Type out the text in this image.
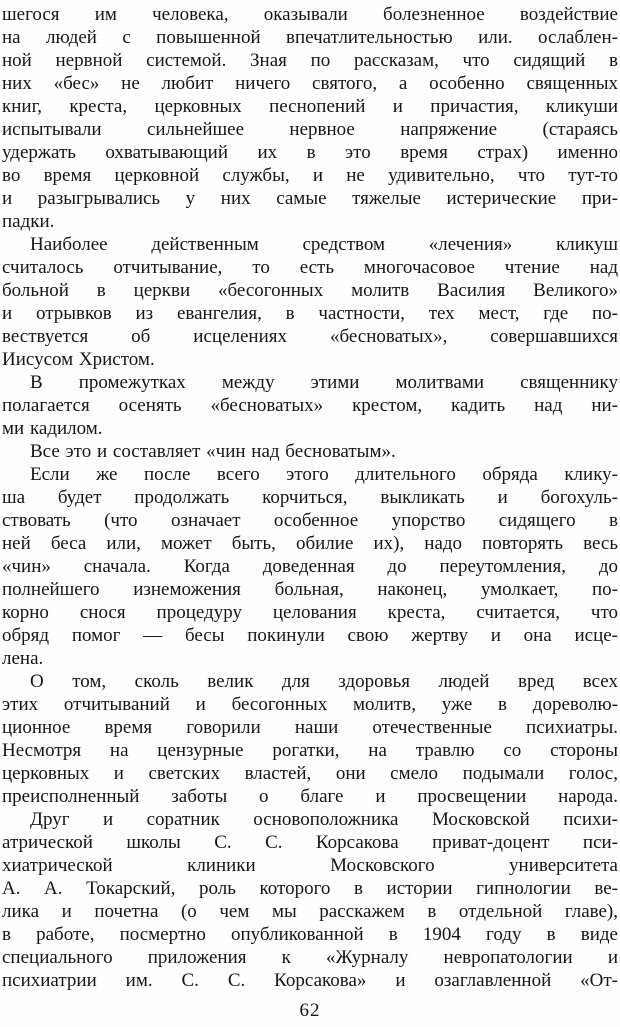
шегося им человека, оказывали болезненное воздействие
на людей с повышенной впечатлительностью или. ослаблен-
ной нервной системой. Зная по рассказам, что сидящий в
них «бес» не любит ничего святого, а особенно священных
книг, креста, церковных песнопений и причастия, кликуши
испытывали сильнейшее нервное напряжение (стараясь
удержать охватывающий их в это время страх) именно
во время церковной службы, и не удивительно, что тут-то
и разыгрывались у них самые тяжелые истерические при-
падки.
Наиболее действенным средством «лечения» кликуш
считалось отчитывание, то есть многочасовое чтение над
больной в церкви «бесогонных молитв Василия Великого»
и отрывков из евангелия, в частности, тех мест, где по-
вествуется об исцелениях «бесноватых», совершавшихся
Иисусом Христом.
В промежутках между этими молитвами священнику
полагается осенять «бесноватых» крестом, кадить над ни-
ми кадилом.
Все это и составляет «чин над бесноватым».
Если же после всего этого длительного обряда клику-
ша будет продолжать корчиться, выкликать и богохуль-
ствовать (что означает особенное упорство сидящего в
ней беса или, может быть, обилие их), надо повторять весь
«чин» сначала. Когда доведенная до переутомления, до
полнейшего изнеможения больная, наконец, умолкает, по-
корно снося процедуру целования креста, считается, что
обряд помог — бесы покинули свою жертву и она исце-
лена.
О том, сколь велик для здоровья людей вред всех
этих отчитываний и бесогонных молитв, уже в дореволю-
ционное время говорили наши отечественные психиатры.
Несмотря на цензурные рогатки, на травлю со стороны
церковных и светских властей, они смело подымали голос,
преисполненный заботы о благе и просвещении народа.
Друг и соратник основоположника Московской психи-
атрической школы С. С. Корсакова приват-доцент пси-
хиатрической клиники Московского университета
А. А. Токарский, роль которого в истории гипнологии ве-
лика и почетна (о чем мы расскажем в отдельной главе),
в работе, посмертно опубликованной в 1904 году в виде
специального приложения к «Журналу невропатологии и
психиатрии им. С. С. Корсакова» и озаглавленной «От-
62
